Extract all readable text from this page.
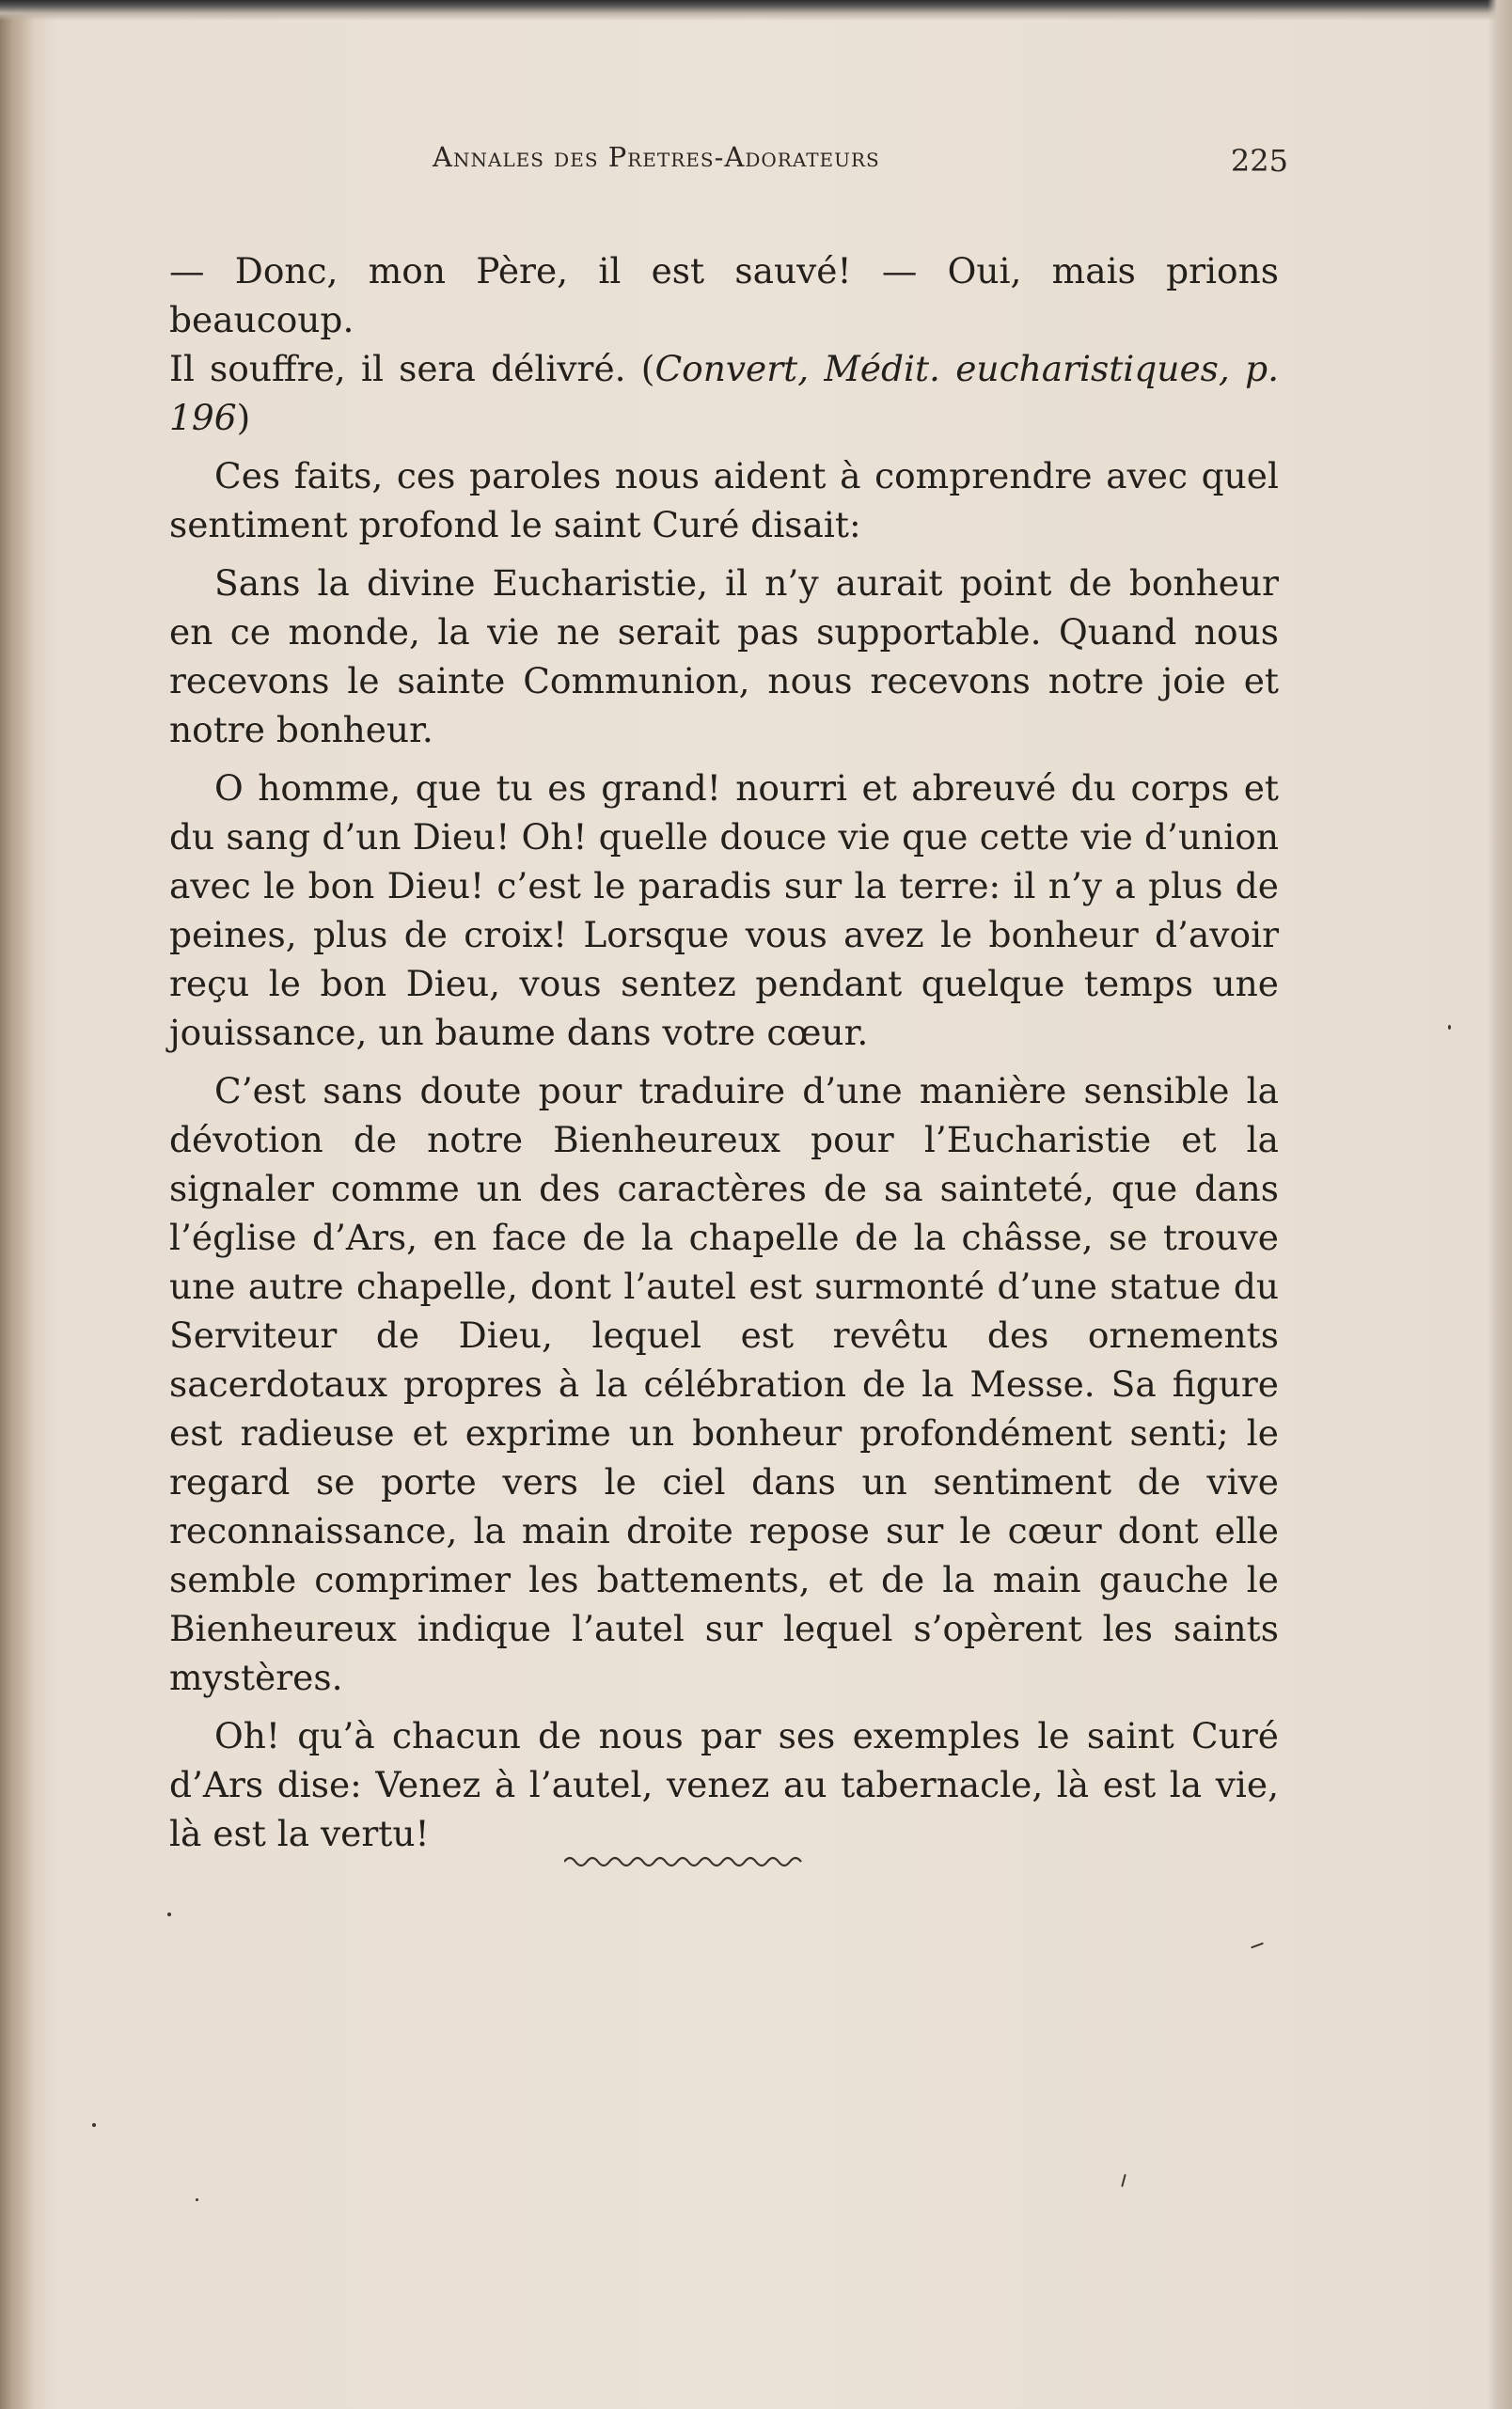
Annales des Pretres-Adorateurs	225

— Donc, mon Père, il est sauvé! — Oui, mais prions beaucoup.
Il souffre, il sera délivré. (Convert, Médit. eucharistiques, p. 196)

Ces faits, ces paroles nous aident à comprendre avec quel sentiment profond le saint Curé disait:

Sans la divine Eucharistie, il n’y aurait point de bonheur en ce monde, la vie ne serait pas supportable. Quand nous recevons le sainte Communion, nous recevons notre joie et notre bonheur.

O homme, que tu es grand! nourri et abreuvé du corps et du sang d’un Dieu! Oh! quelle douce vie que cette vie d’union avec le bon Dieu! c’est le paradis sur la terre: il n’y a plus de peines, plus de croix! Lorsque vous avez le bonheur d’avoir reçu le bon Dieu, vous sentez pendant quelque temps une jouissance, un baume dans votre cœur.

C’est sans doute pour traduire d’une manière sensible la dévotion de notre Bienheureux pour l’Eucharistie et la signaler comme un des caractères de sa sainteté, que dans l’église d’Ars, en face de la chapelle de la châsse, se trouve une autre chapelle, dont l’autel est surmonté d’une statue du Serviteur de Dieu, lequel est revêtu des ornements sacerdotaux propres à la célébration de la Messe. Sa figure est radieuse et exprime un bonheur profondément senti; le regard se porte vers le ciel dans un sentiment de vive reconnaissance, la main droite repose sur le cœur dont elle semble comprimer les battements, et de la main gauche le Bienheureux indique l’autel sur lequel s’opèrent les saints mystères.

Oh! qu’à chacun de nous par ses exemples le saint Curé d’Ars dise: Venez à l’autel, venez au tabernacle, là est la vie, là est la vertu!
